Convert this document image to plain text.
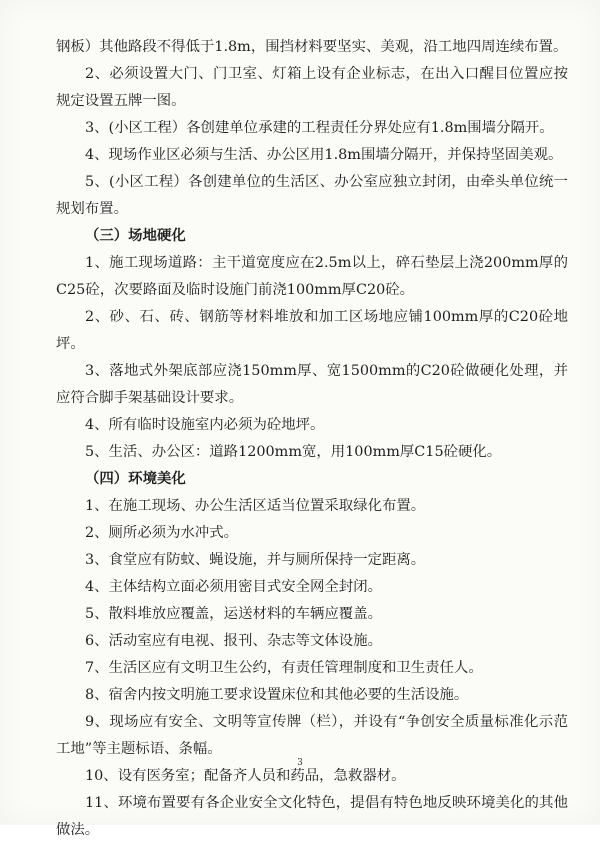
钢板）其他路段不得低于1.8m，围挡材料要坚实、美观，沿工地四周连续布置。

2、必须设置大门、门卫室、灯箱上设有企业标志，在出入口醒目位置应按规定设置五牌一图。

3、(小区工程）各创建单位承建的工程责任分界处应有1.8m围墙分隔开。

4、现场作业区必须与生活、办公区用1.8m围墙分隔开，并保持坚固美观。

5、(小区工程）各创建单位的生活区、办公室应独立封闭，由牵头单位统一规划布置。

（三）场地硬化

1、施工现场道路：主干道宽度应在2.5m以上，碎石垫层上浇200mm厚的C25砼，次要路面及临时设施门前浇100mm厚C20砼。

2、砂、石、砖、钢筋等材料堆放和加工区场地应铺100mm厚的C20砼地坪。

3、落地式外架底部应浇150mm厚、宽1500mm的C20砼做硬化处理，并应符合脚手架基础设计要求。

4、所有临时设施室内必须为砼地坪。

5、生活、办公区：道路1200mm宽，用100mm厚C15砼硬化。

（四）环境美化

1、在施工现场、办公生活区适当位置采取绿化布置。

2、厕所必须为水冲式。

3、食堂应有防蚊、蝇设施，并与厕所保持一定距离。

4、主体结构立面必须用密目式安全网全封闭。

5、散料堆放应覆盖，运送材料的车辆应覆盖。

6、活动室应有电视、报刊、杂志等文体设施。

7、生活区应有文明卫生公约，有责任管理制度和卫生责任人。

8、宿舍内按文明施工要求设置床位和其他必要的生活设施。

9、现场应有安全、文明等宣传牌（栏），并设有“争创安全质量标准化示范工地”等主题标语、条幅。

10、设有医务室；配备齐人员和药品，急救器材。

11、环境布置要有各企业安全文化特色，提倡有特色地反映环境美化的其他做法。

3
